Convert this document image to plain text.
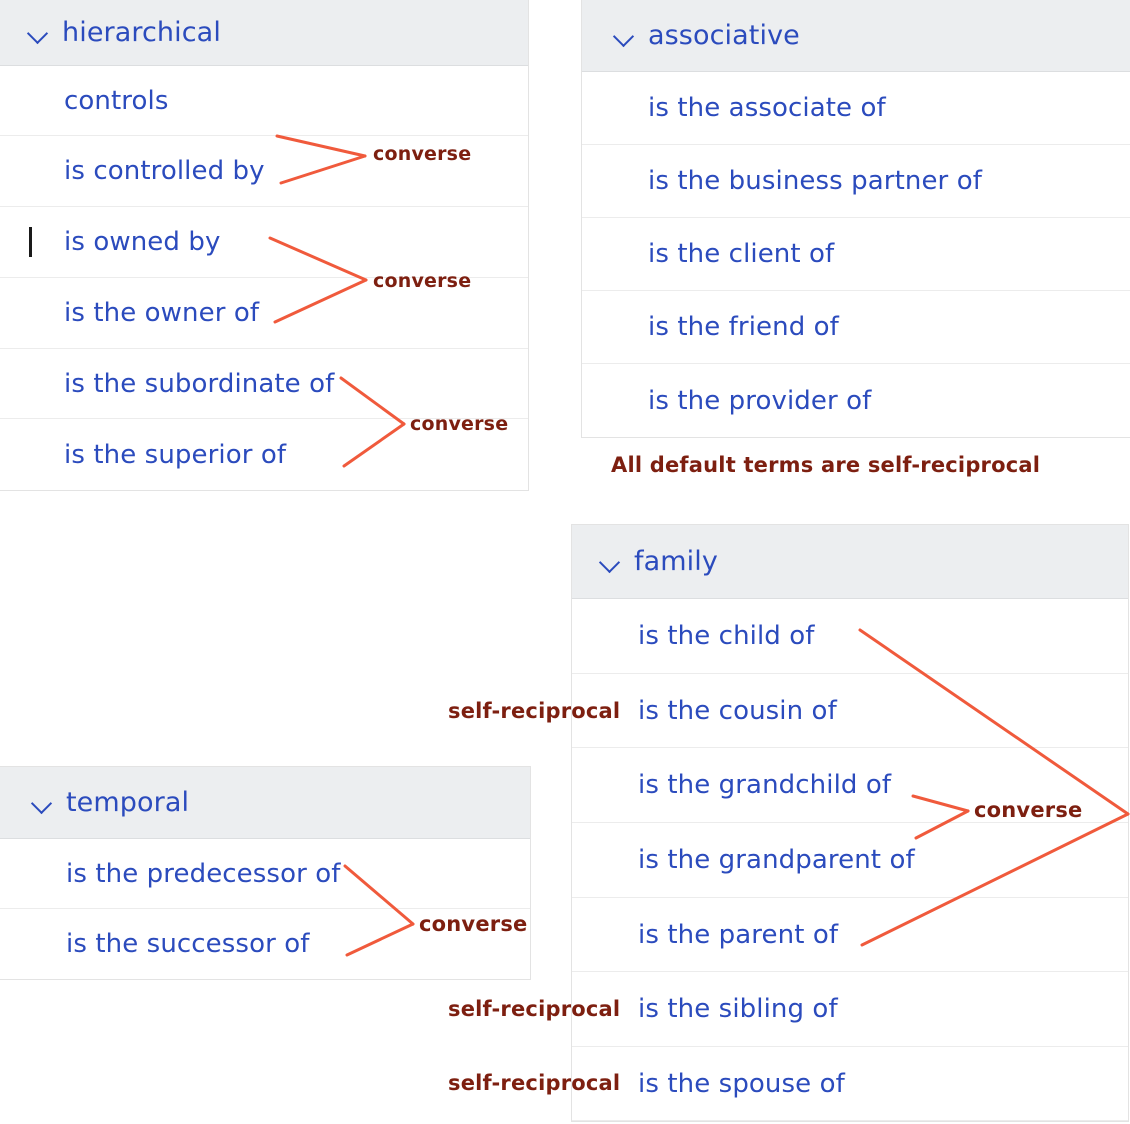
hierarchical
controls
is controlled by
is owned by
is the owner of
is the subordinate of
is the superior of
associative
is the associate of
is the business partner of
is the client of
is the friend of
is the provider of
family
is the child of
is the cousin of
is the grandchild of
is the grandparent of
is the parent of
is the sibling of
is the spouse of
temporal
is the predecessor of
is the successor of
converse
converse
converse
All default terms are self-reciprocal
self-reciprocal
converse
self-reciprocal
self-reciprocal
converse
